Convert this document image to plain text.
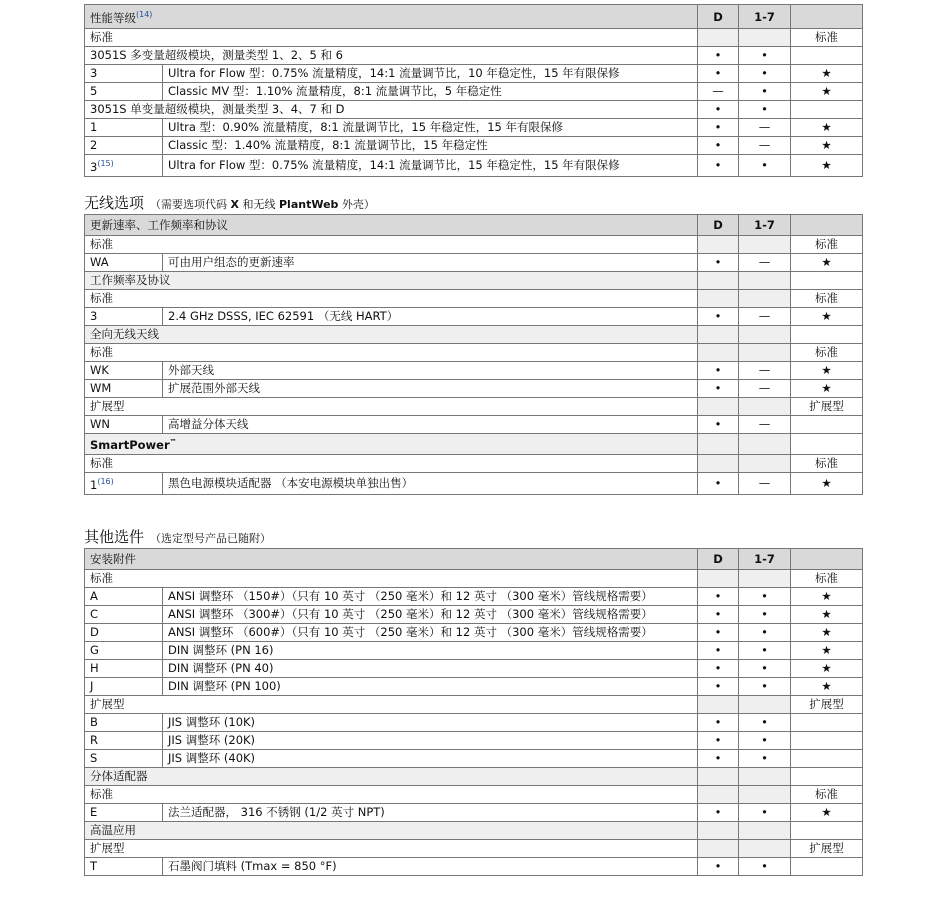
性能等级$^{(14)}$		D	1-7	
标准				标准
3051S 多变量超级模块，测量类型 1、2、5 和 6		•	•	
3	Ultra for Flow 型：0.75% 流量精度，14:1 流量调节比，10 年稳定性，15 年有限保修	•	•	★
5	Classic MV 型：1.10% 流量精度，8:1 流量调节比，5 年稳定性	—	•	★
3051S 单变量超级模块，测量类型 3、4、7 和 D		•	•	
1	Ultra 型：0.90% 流量精度，8:1 流量调节比，15 年稳定性，15 年有限保修	•	—	★
2	Classic 型：1.40% 流量精度，8:1 流量调节比，15 年稳定性	•	—	★
3$^{(15)}$	Ultra for Flow 型：0.75% 流量精度，14:1 流量调节比，15 年稳定性，15 年有限保修	•	•	★
无线选项 （需要选项代码 X 和无线 PlantWeb 外壳）
更新速率、工作频率和协议		D	1-7	
标准				标准
WA	可由用户组态的更新速率	•	—	★
工作频率及协议				
标准				标准
3	2.4 GHz DSSS, IEC 62591 （无线 HART）	•	—	★
全向无线天线				
标准				标准
WK	外部天线	•	—	★
WM	扩展范围外部天线	•	—	★
扩展型				扩展型
WN	高增益分体天线	•	—	
SmartPower™			
标准				标准
1$^{(16)}$	黑色电源模块适配器 （本安电源模块单独出售）	•	—	★
其他选件 （选定型号产品已随附）
安装附件		D	1-7	
标准				标准
A	ANSI 调整环 （150#）（只有 10 英寸 （250 毫米）和 12 英寸 （300 毫米）管线规格需要）	•	•	★
C	ANSI 调整环 （300#）（只有 10 英寸 （250 毫米）和 12 英寸 （300 毫米）管线规格需要）	•	•	★
D	ANSI 调整环 （600#）（只有 10 英寸 （250 毫米）和 12 英寸 （300 毫米）管线规格需要）	•	•	★
G	DIN 调整环 (PN 16)	•	•	★
H	DIN 调整环 (PN 40)	•	•	★
J	DIN 调整环 (PN 100)	•	•	★
扩展型				扩展型
B	JIS 调整环 (10K)	•	•	
R	JIS 调整环 (20K)	•	•	
S	JIS 调整环 (40K)	•	•	
分体适配器				
标准				标准
E	法兰适配器， 316 不锈钢 (1/2 英寸 NPT)	•	•	★
高温应用				
扩展型				扩展型
T	石墨阀门填料 (Tmax = 850 °F)	•	•	
